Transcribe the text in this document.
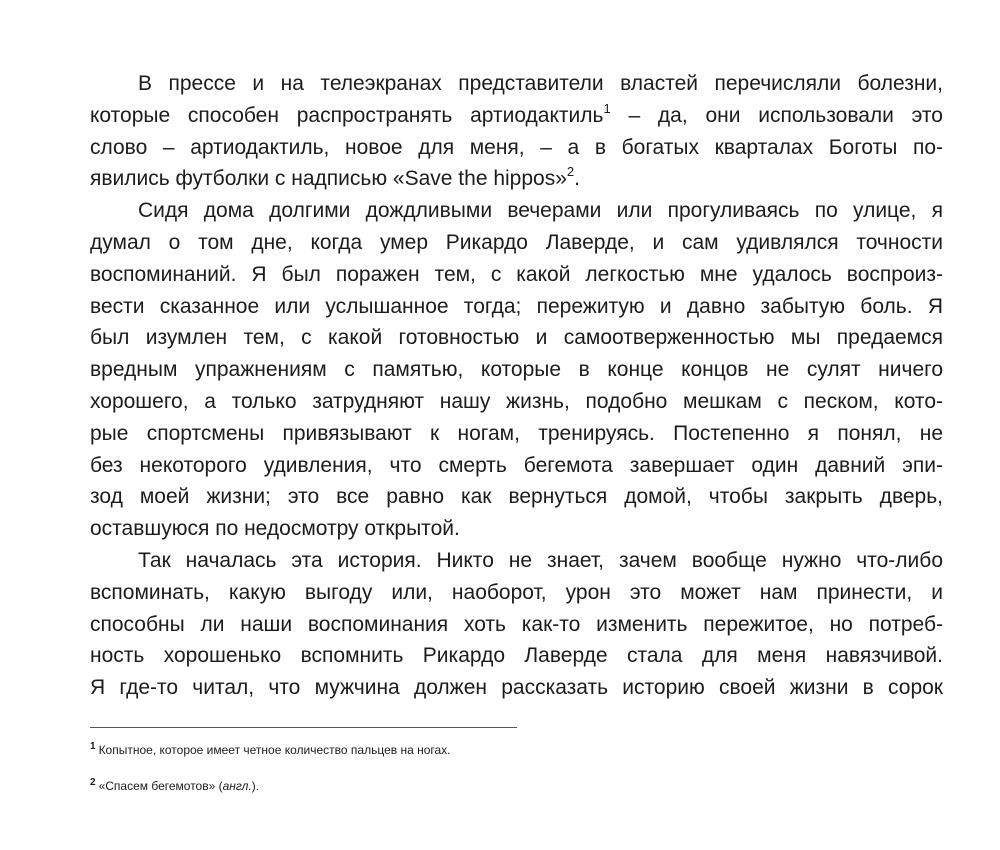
В прессе и на телеэкранах представители властей перечисляли болезни,
которые способен распространять артиодактиль$^1$ – да, они использовали это
слово – артиодактиль, новое для меня, – а в богатых кварталах Боготы по-
явились футболки с надписью «Save the hippos»$^2$.
Сидя дома долгими дождливыми вечерами или прогуливаясь по улице, я
думал о том дне, когда умер Рикардо Лаверде, и сам удивлялся точности
воспоминаний. Я был поражен тем, с какой легкостью мне удалось воспроиз-
вести сказанное или услышанное тогда; пережитую и давно забытую боль. Я
был изумлен тем, с какой готовностью и самоотверженностью мы предаемся
вредным упражнениям с памятью, которые в конце концов не сулят ничего
хорошего, а только затрудняют нашу жизнь, подобно мешкам с песком, кото-
рые спортсмены привязывают к ногам, тренируясь. Постепенно я понял, не
без некоторого удивления, что смерть бегемота завершает один давний эпи-
зод моей жизни; это все равно как вернуться домой, чтобы закрыть дверь,
оставшуюся по недосмотру открытой.
Так началась эта история. Никто не знает, зачем вообще нужно что-либо
вспоминать, какую выгоду или, наоборот, урон это может нам принести, и
способны ли наши воспоминания хоть как-то изменить пережитое, но потреб-
ность хорошенько вспомнить Рикардо Лаверде стала для меня навязчивой.
Я где-то читал, что мужчина должен рассказать историю своей жизни в сорок

$^1$ Копытное, которое имеет четное количество пальцев на ногах.

$^2$ «Спасем бегемотов» (англ.).
